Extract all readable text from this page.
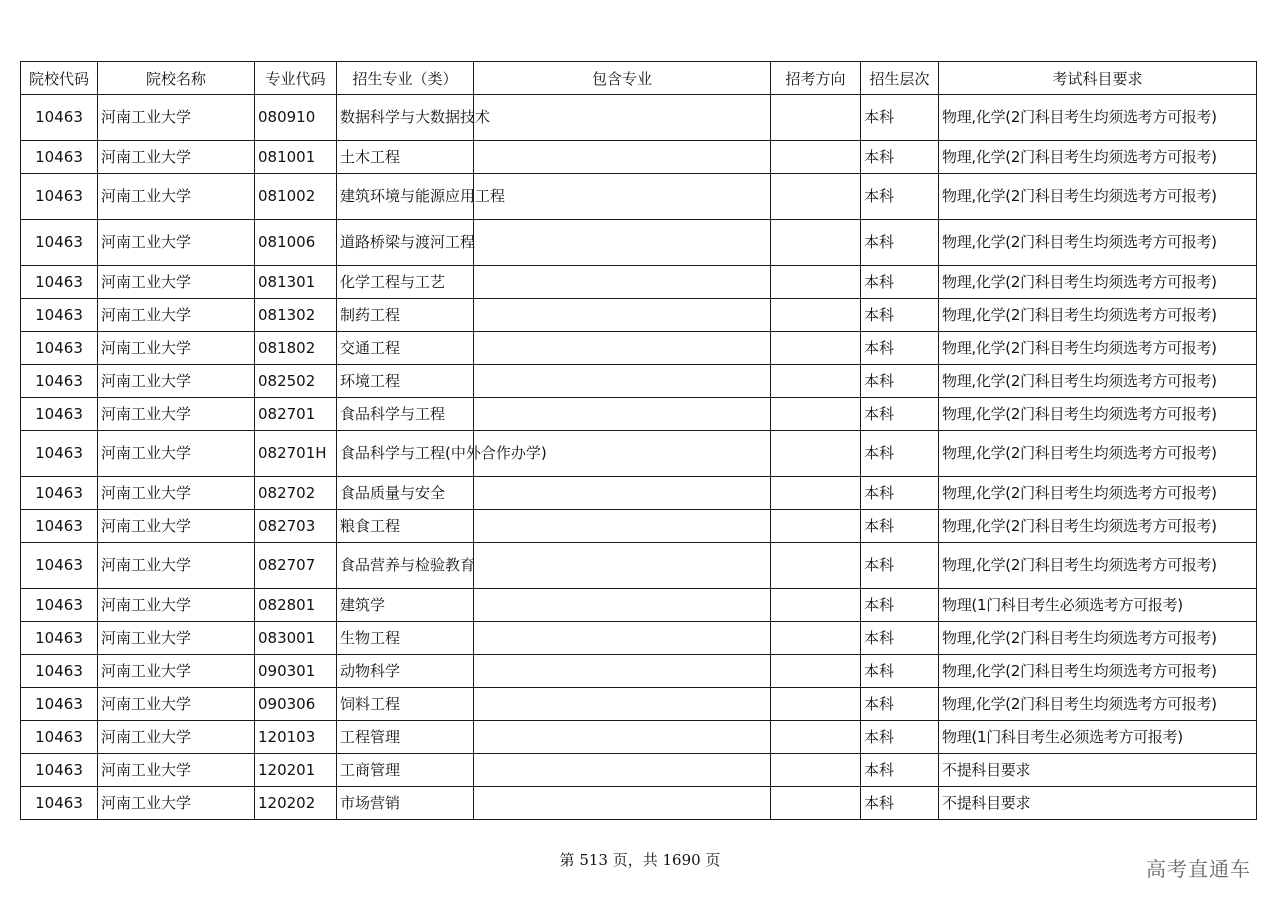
院校代码	院校名称	专业代码	招生专业（类）	包含专业	招考方向	招生层次	考试科目要求
10463	河南工业大学	080910	数据科学与大数据技术			本科	物理,化学(2门科目考生均须选考方可报考)
10463	河南工业大学	081001	土木工程			本科	物理,化学(2门科目考生均须选考方可报考)
10463	河南工业大学	081002	建筑环境与能源应用工程			本科	物理,化学(2门科目考生均须选考方可报考)
10463	河南工业大学	081006	道路桥梁与渡河工程			本科	物理,化学(2门科目考生均须选考方可报考)
10463	河南工业大学	081301	化学工程与工艺			本科	物理,化学(2门科目考生均须选考方可报考)
10463	河南工业大学	081302	制药工程			本科	物理,化学(2门科目考生均须选考方可报考)
10463	河南工业大学	081802	交通工程			本科	物理,化学(2门科目考生均须选考方可报考)
10463	河南工业大学	082502	环境工程			本科	物理,化学(2门科目考生均须选考方可报考)
10463	河南工业大学	082701	食品科学与工程			本科	物理,化学(2门科目考生均须选考方可报考)
10463	河南工业大学	082701H	食品科学与工程(中外合作办学)			本科	物理,化学(2门科目考生均须选考方可报考)
10463	河南工业大学	082702	食品质量与安全			本科	物理,化学(2门科目考生均须选考方可报考)
10463	河南工业大学	082703	粮食工程			本科	物理,化学(2门科目考生均须选考方可报考)
10463	河南工业大学	082707	食品营养与检验教育			本科	物理,化学(2门科目考生均须选考方可报考)
10463	河南工业大学	082801	建筑学			本科	物理(1门科目考生必须选考方可报考)
10463	河南工业大学	083001	生物工程			本科	物理,化学(2门科目考生均须选考方可报考)
10463	河南工业大学	090301	动物科学			本科	物理,化学(2门科目考生均须选考方可报考)
10463	河南工业大学	090306	饲料工程			本科	物理,化学(2门科目考生均须选考方可报考)
10463	河南工业大学	120103	工程管理			本科	物理(1门科目考生必须选考方可报考)
10463	河南工业大学	120201	工商管理			本科	不提科目要求
10463	河南工业大学	120202	市场营销			本科	不提科目要求
第 513 页，共 1690 页	高考直通车
